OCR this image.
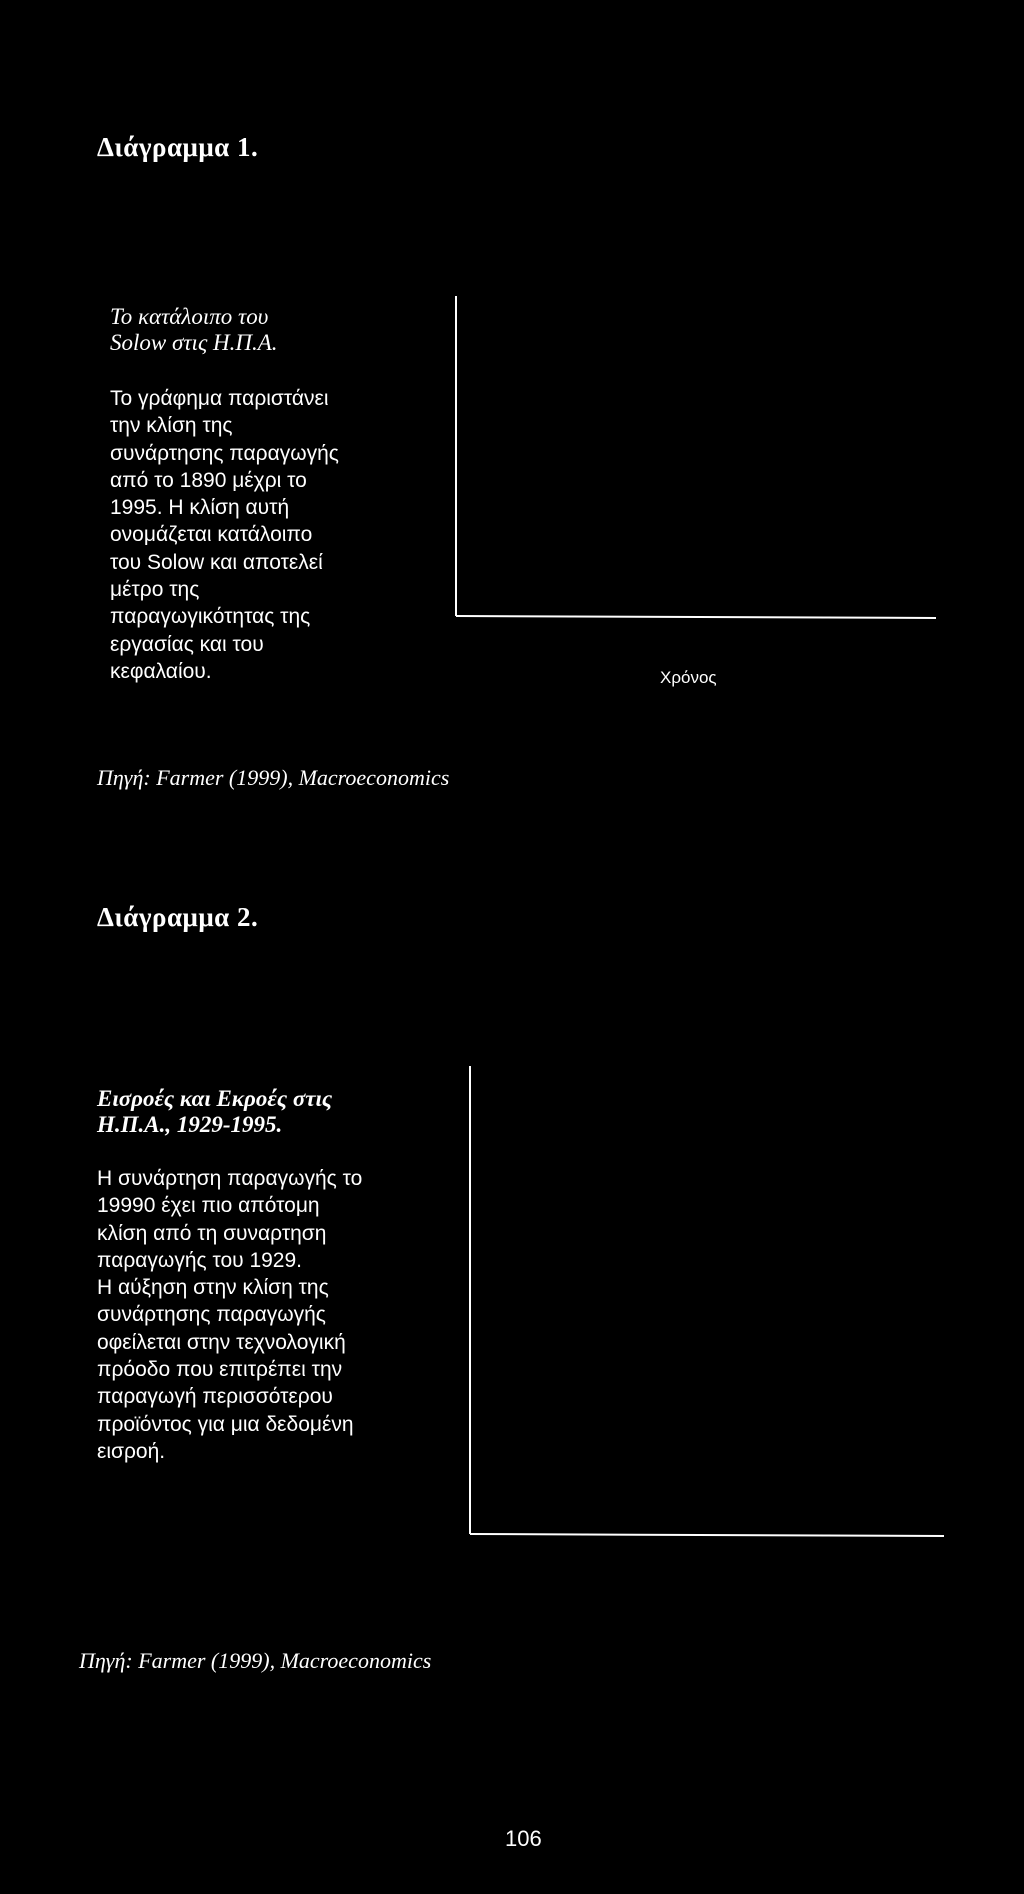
Διάγραμμα 1.
Το κατάλοιπο του
Solow στις Η.Π.Α.
Το γράφημα παριστάνει
την κλίση της
συνάρτησης παραγωγής
από το 1890 μέχρι το
1995. Η κλίση αυτή
ονομάζεται κατάλοιπο
του Solow και αποτελεί
μέτρο της
παραγωγικότητας της
εργασίας και του
κεφαλαίου.	Χρόνος
Πηγή: Farmer (1999), Macroeconomics
Διάγραμμα 2.
Εισροές και Εκροές στις
Η.Π.Α., 1929-1995.
Η συνάρτηση παραγωγής το
19990 έχει πιο απότομη
κλίση από τη συναρτηση
παραγωγής του 1929.
Η αύξηση στην κλίση της
συνάρτησης παραγωγής
οφείλεται στην τεχνολογική
πρόοδο που επιτρέπει την
παραγωγή περισσότερου
προϊόντος για μια δεδομένη
εισροή.
Πηγή: Farmer (1999), Macroeconomics
106
